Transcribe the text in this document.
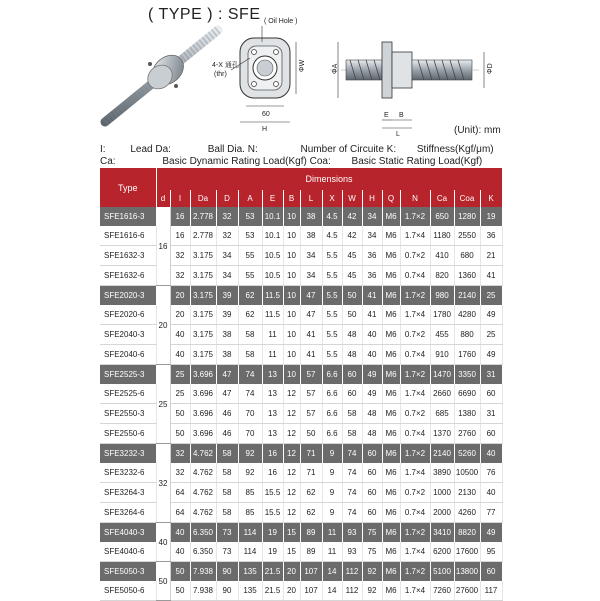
( TYPE ) : SFE ( Oil Hole )
4-X 通孔
(thr)
ΦW
60
H
ΦA	ΦD
E B
L	(Unit): mm
I: Lead Da:	Ball Dia. N:	Number of Circuite K: Stiffness(Kgf/μm)
Ca:	Basic Dynamic Rating Load(Kgf) Coa: Basic Static Rating Load(Kgf)
Type	Dimensions															
	d	I	Da	D	A	E	B	L	X	W	H	Q	N	Ca	Coa	K
SFE1616-3	16	16	2.778	32	53	10.1	10	38	4.5	42	34	M6	1.7×2	650	1280	19
SFE1616-6		16	2.778	32	53	10.1	10	38	4.5	42	34	M6	1.7×4	1180	2550	36
SFE1632-3		32	3.175	34	55	10.5	10	34	5.5	45	36	M6	0.7×2	410	680	21
SFE1632-6		32	3.175	34	55	10.5	10	34	5.5	45	36	M6	0.7×4	820	1360	41
SFE2020-3	20	20	3.175	39	62	11.5	10	47	5.5	50	41	M6	1.7×2	980	2140	25
SFE2020-6		20	3.175	39	62	11.5	10	47	5.5	50	41	M6	1.7×4	1780	4280	49
SFE2040-3		40	3.175	38	58	11	10	41	5.5	48	40	M6	0.7×2	455	880	25
SFE2040-6		40	3.175	38	58	11	10	41	5.5	48	40	M6	0.7×4	910	1760	49
SFE2525-3	25	25	3.696	47	74	13	10	57	6.6	60	49	M6	1.7×2	1470	3350	31
SFE2525-6		25	3.696	47	74	13	12	57	6.6	60	49	M6	1.7×4	2660	6690	60
SFE2550-3		50	3.696	46	70	13	12	57	6.6	58	48	M6	0.7×2	685	1380	31
SFE2550-6		50	3.696	46	70	13	12	50	6.6	58	48	M6	0.7×4	1370	2760	60
SFE3232-3	32	32	4.762	58	92	16	12	71	9	74	60	M6	1.7×2	2140	5260	40
SFE3232-6		32	4.762	58	92	16	12	71	9	74	60	M6	1.7×4	3890	10500	76
SFE3264-3		64	4.762	58	85	15.5	12	62	9	74	60	M6	0.7×2	1000	2130	40
SFE3264-6		64	4.762	58	85	15.5	12	62	9	74	60	M6	0.7×4	2000	4260	77
SFE4040-3	40	40	6.350	73	114	19	15	89	11	93	75	M6	1.7×2	3410	8820	49
SFE4040-6		40	6.350	73	114	19	15	89	11	93	75	M6	1.7×4	6200	17600	95
SFE5050-3	50	50	7.938	90	135	21.5	20	107	14	112	92	M6	1.7×2	5100	13800	60
SFE5050-6		50	7.938	90	135	21.5	20	107	14	112	92	M6	1.7×4	7260	27600	117
